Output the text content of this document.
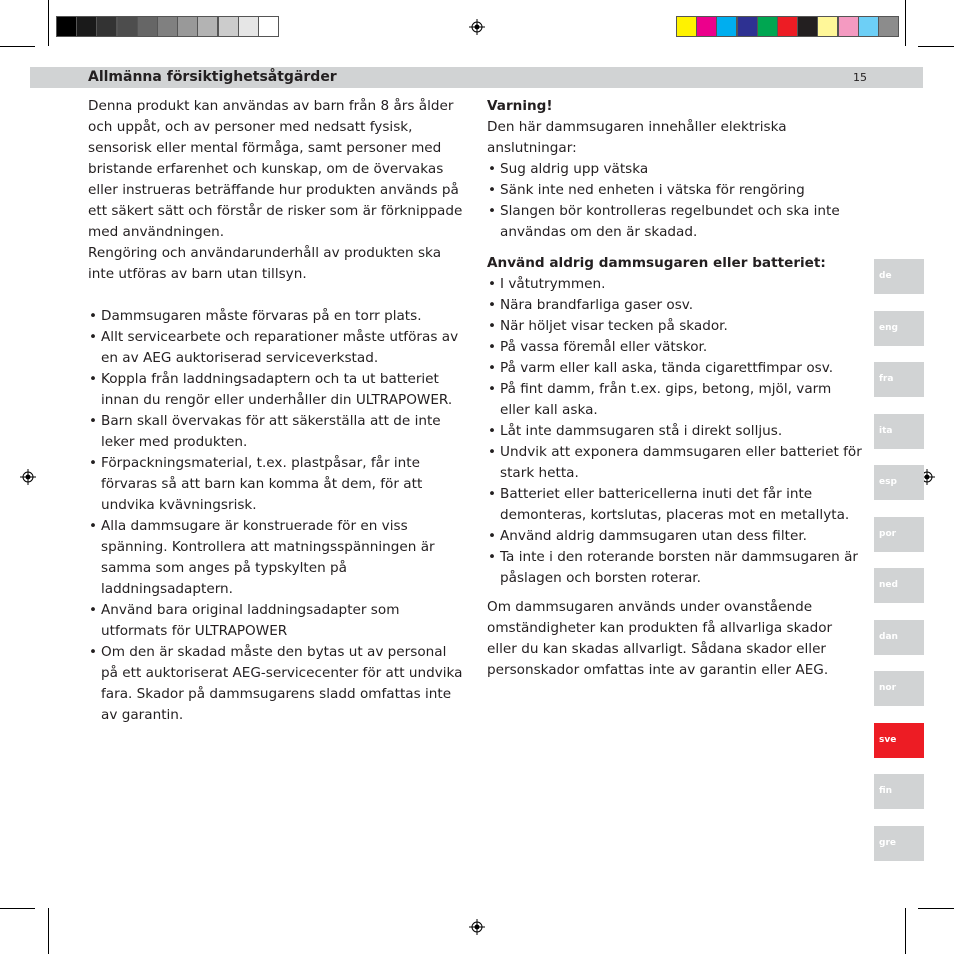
Allmänna försiktighetsåtgärder	15

Denna produkt kan användas av barn från 8 års ålder och uppåt, och av personer med nedsatt fysisk, sensorisk eller mental förmåga, samt personer med bristande erfarenhet och kunskap, om de övervakas eller instrueras beträffande hur produkten används på ett säkert sätt och förstår de risker som är förknippade med användningen.

Rengöring och användarunderhåll av produkten ska inte utföras av barn utan tillsyn.

• Dammsugaren måste förvaras på en torr plats.
• Allt servicearbete och reparationer måste utföras av en av AEG auktoriserad serviceverkstad.
• Koppla från laddningsadaptern och ta ut batteriet innan du rengör eller underhåller din ULTRAPOWER.
• Barn skall övervakas för att säkerställa att de inte leker med produkten.
• Förpackningsmaterial, t.ex. plastpåsar, får inte förvaras så att barn kan komma åt dem, för att undvika kvävningsrisk.
• Alla dammsugare är konstruerade för en viss spänning. Kontrollera att matningsspänningen är samma som anges på typskylten på laddningsadaptern.
• Använd bara original laddningsadapter som utformats för ULTRAPOWER
• Om den är skadad måste den bytas ut av personal på ett auktoriserat AEG-servicecenter för att undvika fara. Skador på dammsugarens sladd omfattas inte av garantin.

Varning!

Den här dammsugaren innehåller elektriska anslutningar:

• Sug aldrig upp vätska
• Sänk inte ned enheten i vätska för rengöring
• Slangen bör kontrolleras regelbundet och ska inte användas om den är skadad.

Använd aldrig dammsugaren eller batteriet:

• I våtutrymmen.
• Nära brandfarliga gaser osv.
• När höljet visar tecken på skador.
• På vassa föremål eller vätskor.
• På varm eller kall aska, tända cigarettfimpar osv.
• På fint damm, från t.ex. gips, betong, mjöl, varm eller kall aska.
• Låt inte dammsugaren stå i direkt solljus.
• Undvik att exponera dammsugaren eller batteriet för stark hetta.
• Batteriet eller battericellerna inuti det får inte demonteras, kortslutas, placeras mot en metallyta.
• Använd aldrig dammsugaren utan dess filter.
• Ta inte i den roterande borsten när dammsugaren är påslagen och borsten roterar.

Om dammsugaren används under ovanstående omständigheter kan produkten få allvarliga skador eller du kan skadas allvarligt. Sådana skador eller personskador omfattas inte av garantin eller AEG.

de
eng
fra
ita
esp
por
ned
dan
nor
sve
fin
gre
